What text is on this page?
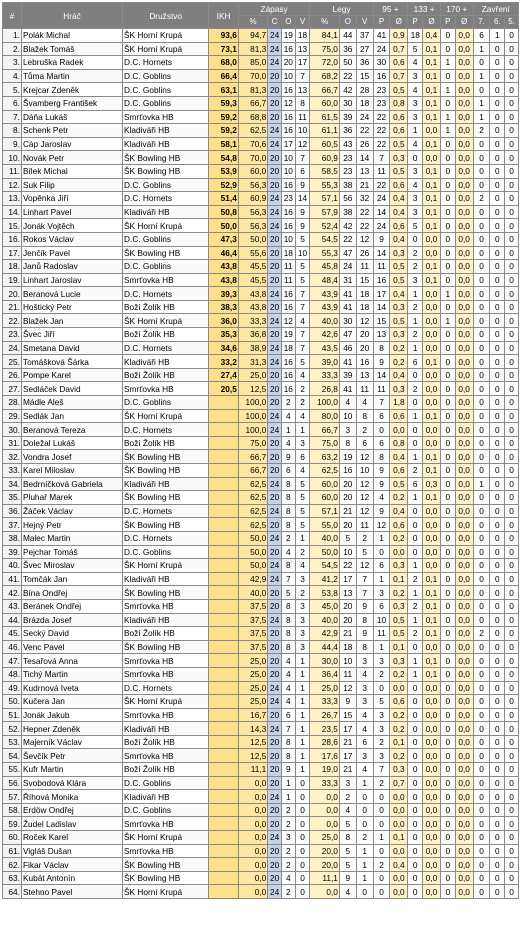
#	Hráč	Družstvo	IKH	Zápasy				Legy			95 +		133 +		170 +		Zavření		
				%	C	O	V	%	O	V	P	Ø	P	Ø	P	Ø	7.	6.	5.
1.	Polák Michal	ŠK Horní Krupá	93,6	94,7	24	19	18	84,1	44	37	41	0,9	18	0,4	0	0,0	6	1	0
2.	Blažek Tomáš	ŠK Horní Krupá	73,1	81,3	24	16	13	75,0	36	27	24	0,7	5	0,1	0	0,0	1	0	0
3.	Lebruška Radek	D.C. Hornets	68,0	85,0	24	20	17	72,0	50	36	30	0,6	4	0,1	1	0,0	0	0	0
4.	Tůma Martin	D.C. Goblins	66,4	70,0	20	10	7	68,2	22	15	16	0,7	3	0,1	0	0,0	1	0	0
5.	Krejcar Zdeněk	D.C. Goblins	63,1	81,3	20	16	13	66,7	42	28	23	0,5	4	0,1	1	0,0	0	0	0
6.	Švamberg František	D.C. Goblins	59,3	66,7	20	12	8	60,0	30	18	23	0,8	3	0,1	0	0,0	1	0	0
7.	Dáňa Lukáš	Smrťovka HB	59,2	68,8	20	16	11	61,5	39	24	22	0,6	3	0,1	1	0,0	1	0	0
8.	Schenk Petr	Kladiváři HB	59,2	62,5	24	16	10	61,1	36	22	22	0,6	1	0,0	1	0,0	2	0	0
9.	Cáp Jaroslav	Kladiváři HB	58,1	70,6	24	17	12	60,5	43	26	22	0,5	4	0,1	0	0,0	0	0	0
10.	Novák Petr	ŠK Bowling HB	54,8	70,0	20	10	7	60,9	23	14	7	0,3	0	0,0	0	0,0	0	0	0
11.	Bílek Michal	ŠK Bowling HB	53,9	60,0	20	10	6	58,5	23	13	11	0,5	3	0,1	0	0,0	0	0	0
12.	Suk Filip	D.C. Goblins	52,9	56,3	20	16	9	55,3	38	21	22	0,6	4	0,1	0	0,0	0	0	0
13.	Vopěnka Jiří	D.C. Hornets	51,4	60,9	24	23	14	57,1	56	32	24	0,4	3	0,1	0	0,0	2	0	0
14.	Linhart Pavel	Kladiváři HB	50,8	56,3	24	16	9	57,9	38	22	14	0,4	3	0,1	0	0,0	0	0	0
15.	Jonák Vojtěch	ŠK Horní Krupá	50,0	56,3	24	16	9	52,4	42	22	24	0,6	5	0,1	0	0,0	0	0	0
16.	Rokos Václav	D.C. Goblins	47,3	50,0	20	10	5	54,5	22	12	9	0,4	0	0,0	0	0,0	0	0	0
17.	Jenčík Pavel	ŠK Bowling HB	46,4	55,6	20	18	10	55,3	47	26	14	0,3	2	0,0	0	0,0	0	0	0
18.	Janů Radoslav	D.C. Goblins	43,8	45,5	20	11	5	45,8	24	11	11	0,5	2	0,1	0	0,0	0	0	0
19.	Linhart Jaroslav	Smrťovka HB	43,8	45,5	20	11	5	48,4	31	15	16	0,5	3	0,1	0	0,0	0	0	0
20.	Beranová Lucie	D.C. Hornets	39,3	43,8	24	16	7	43,9	41	18	17	0,4	1	0,0	1	0,0	0	0	0
21.	Hoštický Petr	Boží Žolík HB	38,3	43,8	20	16	7	43,9	41	18	14	0,3	2	0,0	0	0,0	0	0	0
22.	Blažek Jan	ŠK Horní Krupá	36,0	33,3	24	12	4	40,0	30	12	15	0,5	1	0,0	1	0,0	0	0	0
23.	Švec Jiří	Boží Žolík HB	35,3	36,8	20	19	7	42,6	47	20	13	0,3	2	0,0	0	0,0	0	0	0
24.	Smetana David	D.C. Hornets	34,6	38,9	24	18	7	43,5	46	20	8	0,2	1	0,0	0	0,0	0	0	0
25.	Tomášková Šárka	Kladiváři HB	33,2	31,3	24	16	5	39,0	41	16	9	0,2	6	0,1	0	0,0	0	0	0
26.	Pompe Karel	Boží Žolík HB	27,4	25,0	20	16	4	33,3	39	13	14	0,4	0	0,0	0	0,0	0	0	0
27.	Sedláček David	Smrťovka HB	20,5	12,5	20	16	2	26,8	41	11	11	0,3	2	0,0	0	0,0	0	0	0
28.	Mádle Aleš	D.C. Goblins		100,0	20	2	2	100,0	4	4	7	1,8	0	0,0	0	0,0	0	0	0
29.	Sedlák Jan	ŠK Horní Krupá		100,0	24	4	4	80,0	10	8	6	0,6	1	0,1	0	0,0	0	0	0
30.	Beranová Tereza	D.C. Hornets		100,0	24	1	1	66,7	3	2	0	0,0	0	0,0	0	0,0	0	0	0
31.	Doležal Lukáš	Boží Žolík HB		75,0	20	4	3	75,0	8	6	6	0,8	0	0,0	0	0,0	0	0	0
32.	Vondra Josef	ŠK Bowling HB		66,7	20	9	6	63,2	19	12	8	0,4	1	0,1	0	0,0	0	0	0
33.	Karel Miloslav	ŠK Bowling HB		66,7	20	6	4	62,5	16	10	9	0,6	2	0,1	0	0,0	0	0	0
34.	Bedrníčková Gabriela	Kladiváři HB		62,5	24	8	5	60,0	20	12	9	0,5	6	0,3	0	0,0	1	0	0
35.	Pluhař Marek	ŠK Bowling HB		62,5	20	8	5	60,0	20	12	4	0,2	1	0,1	0	0,0	0	0	0
36.	Žáček Václav	D.C. Hornets		62,5	24	8	5	57,1	21	12	9	0,4	0	0,0	0	0,0	0	0	0
37.	Hejný Petr	ŠK Bowling HB		62,5	20	8	5	55,0	20	11	12	0,6	0	0,0	0	0,0	0	0	0
38.	Malec Martin	D.C. Hornets		50,0	24	2	1	40,0	5	2	1	0,2	0	0,0	0	0,0	0	0	0
39.	Pejchar Tomáš	D.C. Goblins		50,0	20	4	2	50,0	10	5	0	0,0	0	0,0	0	0,0	0	0	0
40.	Švec Miroslav	ŠK Horní Krupá		50,0	24	8	4	54,5	22	12	6	0,3	1	0,0	0	0,0	0	0	0
41.	Tomčák Jan	Kladiváři HB		42,9	24	7	3	41,2	17	7	1	0,1	2	0,1	0	0,0	0	0	0
42.	Bína Ondřej	ŠK Bowling HB		40,0	20	5	2	53,8	13	7	3	0,2	1	0,1	0	0,0	0	0	0
43.	Beránek Ondřej	Smrťovka HB		37,5	20	8	3	45,0	20	9	6	0,3	2	0,1	0	0,0	0	0	0
44.	Brázda Josef	Kladiváři HB		37,5	24	8	3	40,0	20	8	10	0,5	1	0,1	0	0,0	0	0	0
45.	Secký David	Boží Žolík HB		37,5	20	8	3	42,9	21	9	11	0,5	2	0,1	0	0,0	2	0	0
46.	Venc Pavel	ŠK Bowling HB		37,5	20	8	3	44,4	18	8	1	0,1	0	0,0	0	0,0	0	0	0
47.	Tesařová Anna	Smrťovka HB		25,0	20	4	1	30,0	10	3	3	0,3	1	0,1	0	0,0	0	0	0
48.	Tichý Martin	Smrťovka HB		25,0	20	4	1	36,4	11	4	2	0,2	1	0,1	0	0,0	0	0	0
49.	Kudrnová Iveta	D.C. Hornets		25,0	24	4	1	25,0	12	3	0	0,0	0	0,0	0	0,0	0	0	0
50.	Kučera Jan	ŠK Horní Krupá		25,0	24	4	1	33,3	9	3	5	0,6	0	0,0	0	0,0	0	0	0
51.	Jonák Jakub	Smrťovka HB		16,7	20	6	1	26,7	15	4	3	0,2	0	0,0	0	0,0	0	0	0
52.	Hepner Zdeněk	Kladiváři HB		14,3	24	7	1	23,5	17	4	3	0,2	0	0,0	0	0,0	0	0	0
53.	Majerník Václav	Boží Žolík HB		12,5	20	8	1	28,6	21	6	2	0,1	0	0,0	0	0,0	0	0	0
54.	Ševčík Petr	Smrťovka HB		12,5	20	8	1	17,6	17	3	3	0,2	0	0,0	0	0,0	0	0	0
55.	Kufr Martin	Boží Žolík HB		11,1	20	9	1	19,0	21	4	7	0,3	0	0,0	0	0,0	0	0	0
56.	Svobodová Klára	D.C. Goblins		0,0	20	1	0	33,3	3	1	2	0,7	0	0,0	0	0,0	0	0	0
57.	Říhová Monika	Kladiváři HB		0,0	24	1	0	0,0	2	0	0	0,0	0	0,0	0	0,0	0	0	0
58.	Erdöw Ondřej	D.C. Goblins		0,0	20	2	0	0,0	4	0	0	0,0	0	0,0	0	0,0	0	0	0
59.	Žudel Ladislav	Smrťovka HB		0,0	20	2	0	0,0	5	0	0	0,0	0	0,0	0	0,0	0	0	0
60.	Roček Karel	ŠK Horní Krupá		0,0	24	3	0	25,0	8	2	1	0,1	0	0,0	0	0,0	0	0	0
61.	Vigláš Dušan	Smrťovka HB		0,0	20	2	0	20,0	5	1	0	0,0	0	0,0	0	0,0	0	0	0
62.	Fikar Václav	ŠK Bowling HB		0,0	20	2	0	20,0	5	1	2	0,4	0	0,0	0	0,0	0	0	0
63.	Kubát Antonín	ŠK Bowling HB		0,0	20	4	0	11,1	9	1	0	0,0	0	0,0	0	0,0	0	0	0
64.	Stehno Pavel	ŠK Horní Krupá		0,0	24	2	0	0,0	4	0	0	0,0	0	0,0	0	0,0	0	0	0
